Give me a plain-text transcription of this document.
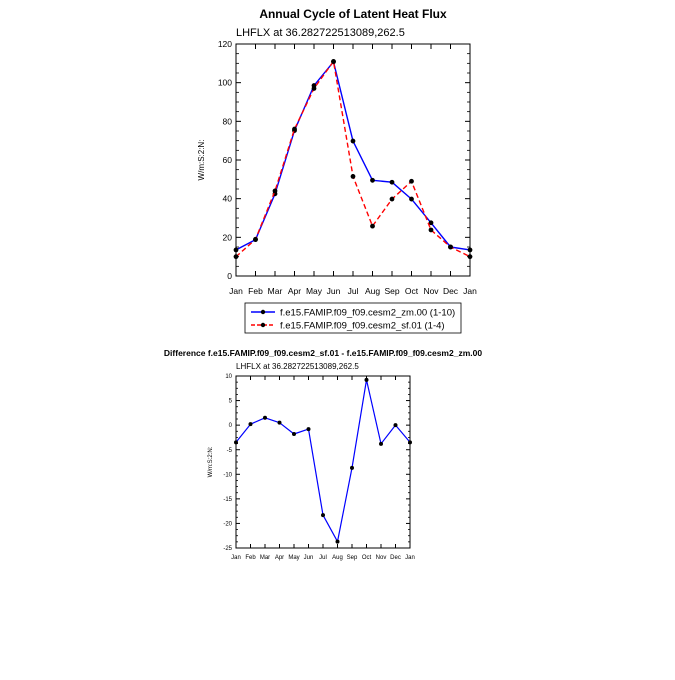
Annual Cycle of Latent Heat Flux
LHFLX at 36.282722513089,262.5
W/m:S:2:N:
0
20
40
60
80
100
120
Jan Feb Mar Apr May Jun Jul Aug Sep Oct Nov Dec Jan
f.e15.FAMIP.f09_f09.cesm2_zm.00 (1-10)
f.e15.FAMIP.f09_f09.cesm2_sf.01 (1-4)
Difference f.e15.FAMIP.f09_f09.cesm2_sf.01 - f.e15.FAMIP.f09_f09.cesm2_zm.00
LHFLX at 36.282722513089,262.5
W/m:S:2:N:
-25
-20
-15
-10
-5
0
5
10
Jan Feb Mar Apr May Jun Jul Aug Sep Oct Nov Dec Jan
